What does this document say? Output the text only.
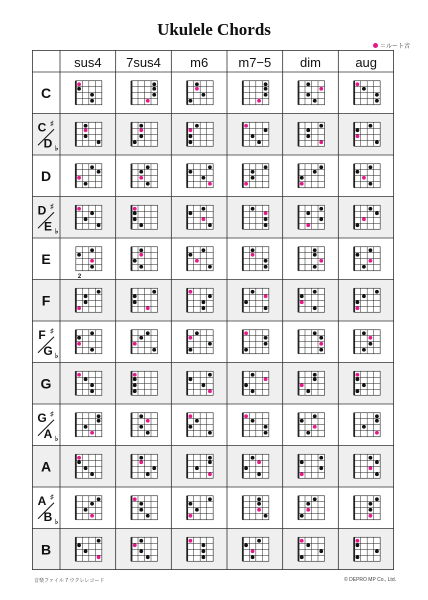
Ukulele Chords
＝ルート音
sus4 7sus4 m6 m7−5 dim	aug
C
C ♯
D ♭
D
D ♯
E ♭
E
F
F ♯
G ♭
G
G ♯
A ♭
A
A ♯
B ♭
B
2
音楽ファイル 7 ウクレレコード	© DEPRO MP Co., Ltd.
